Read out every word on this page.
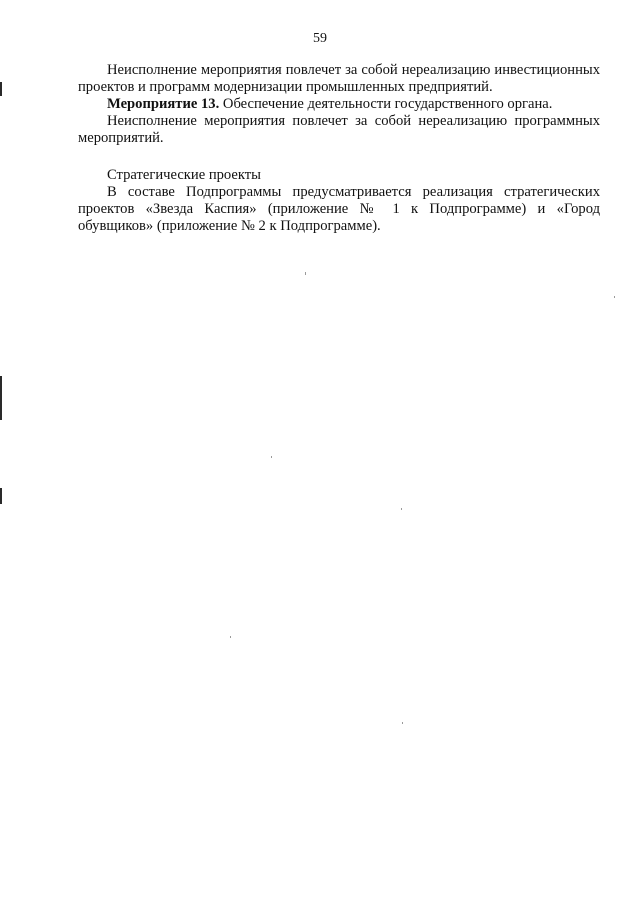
59

Неисполнение мероприятия повлечет за собой нереализацию инвестиционных проектов и программ модернизации промышленных предприятий.

Мероприятие 13. Обеспечение деятельности государственного органа.

Неисполнение мероприятия повлечет за собой нереализацию программных мероприятий.

Стратегические проекты

В составе Подпрограммы предусматривается реализация стратегических проектов «Звезда Каспия» (приложение № 1 к Подпрограмме) и «Город обувщиков» (приложение № 2 к Подпрограмме).
